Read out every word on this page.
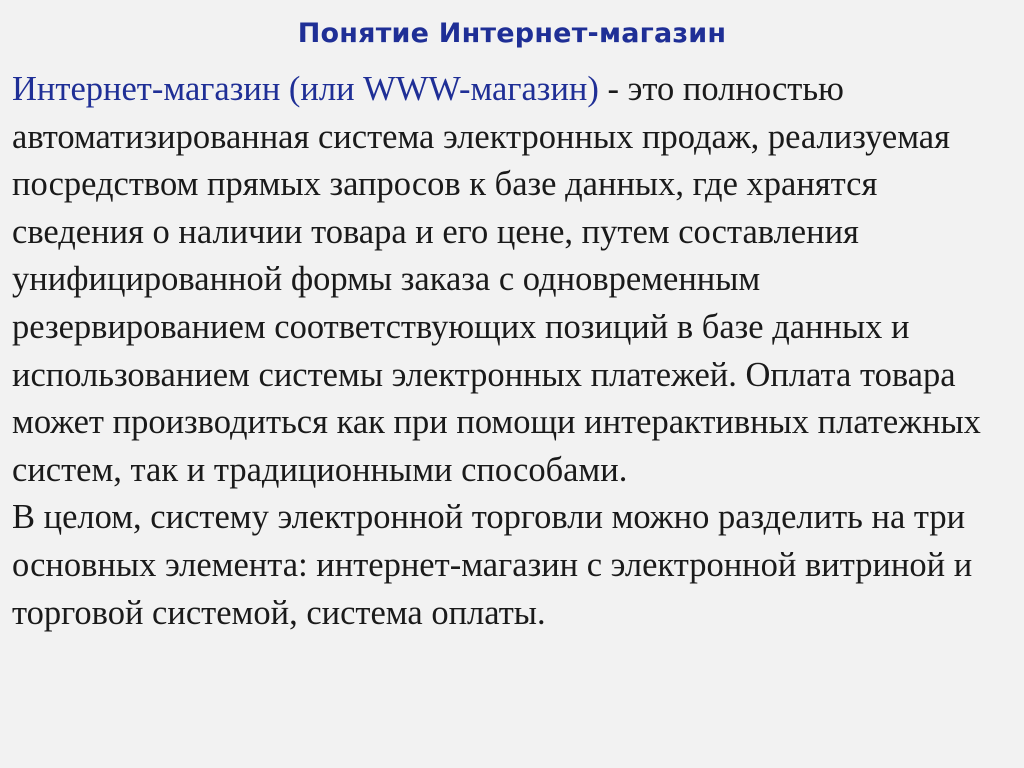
Понятие Интернет-магазин

Интернет-магазин (или WWW-магазин) - это полностью автоматизированная система электронных продаж, реализуемая посредством прямых запросов к базе данных, где хранятся сведения о наличии товара и его цене, путем составления унифицированной формы заказа с одновременным резервированием соответствующих позиций в базе данных и использованием системы электронных платежей. Оплата товара может производиться как при помощи интерактивных платежных систем, так и традиционными способами.

В целом, систему электронной торговли можно разделить на три основных элемента: интернет-магазин с электронной витриной и торговой системой, система оплаты.
